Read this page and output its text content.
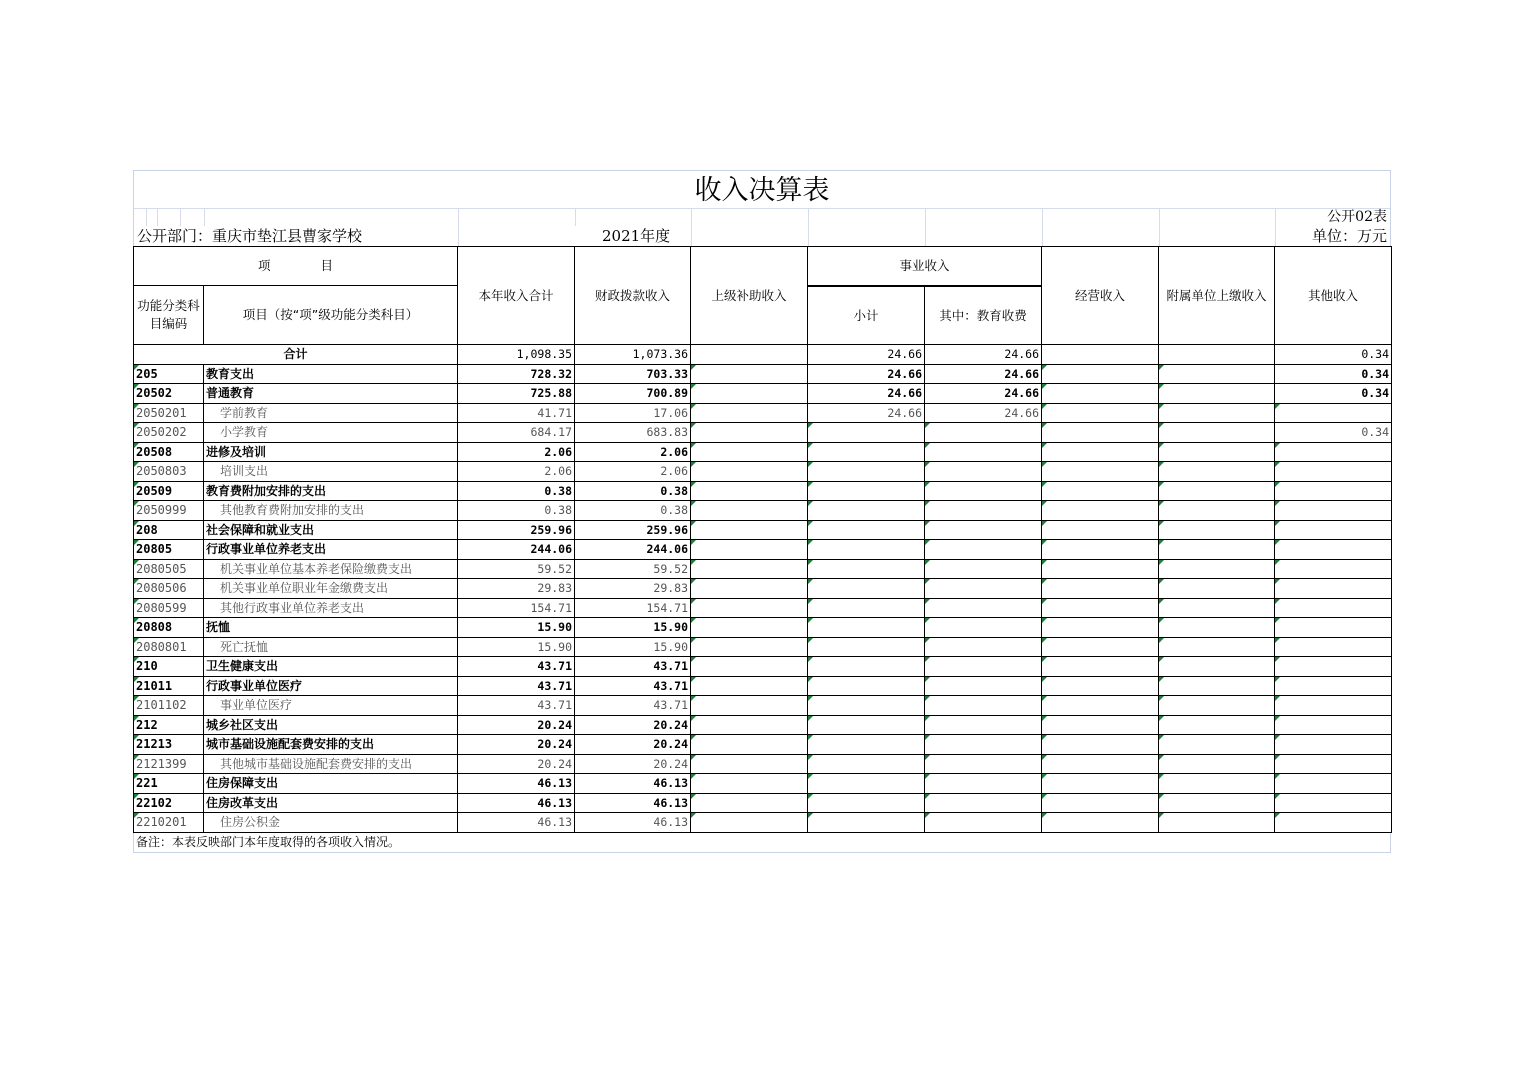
收入决算表
公开02表
公开部门：重庆市垫江县曹家学校	2021年度	单位：万元
项　　　　目		本年收入合计	财政拨款收入	上级补助收入	事业收入		经营收入	附属单位上缴收入	其他收入
功能分类科目编码	项目（按“项”级功能分类科目）								
					小计	其中：教育收费			
合计		1,098.35	1,073.36		24.66	24.66			0.34
205	教育支出	728.32	703.33		24.66	24.66			0.34
20502	普通教育	725.88	700.89		24.66	24.66			0.34
2050201	学前教育	41.71	17.06		24.66	24.66			
2050202	小学教育	684.17	683.83						0.34
20508	进修及培训	2.06	2.06						
2050803	培训支出	2.06	2.06						
20509	教育费附加安排的支出	0.38	0.38						
2050999	其他教育费附加安排的支出	0.38	0.38						
208	社会保障和就业支出	259.96	259.96						
20805	行政事业单位养老支出	244.06	244.06						
2080505	机关事业单位基本养老保险缴费支出	59.52	59.52						
2080506	机关事业单位职业年金缴费支出	29.83	29.83						
2080599	其他行政事业单位养老支出	154.71	154.71						
20808	抚恤	15.90	15.90						
2080801	死亡抚恤	15.90	15.90						
210	卫生健康支出	43.71	43.71						
21011	行政事业单位医疗	43.71	43.71						
2101102	事业单位医疗	43.71	43.71						
212	城乡社区支出	20.24	20.24						
21213	城市基础设施配套费安排的支出	20.24	20.24						
2121399	其他城市基础设施配套费安排的支出	20.24	20.24						
221	住房保障支出	46.13	46.13						
22102	住房改革支出	46.13	46.13						
2210201	住房公积金	46.13	46.13						
备注：本表反映部门本年度取得的各项收入情况。
